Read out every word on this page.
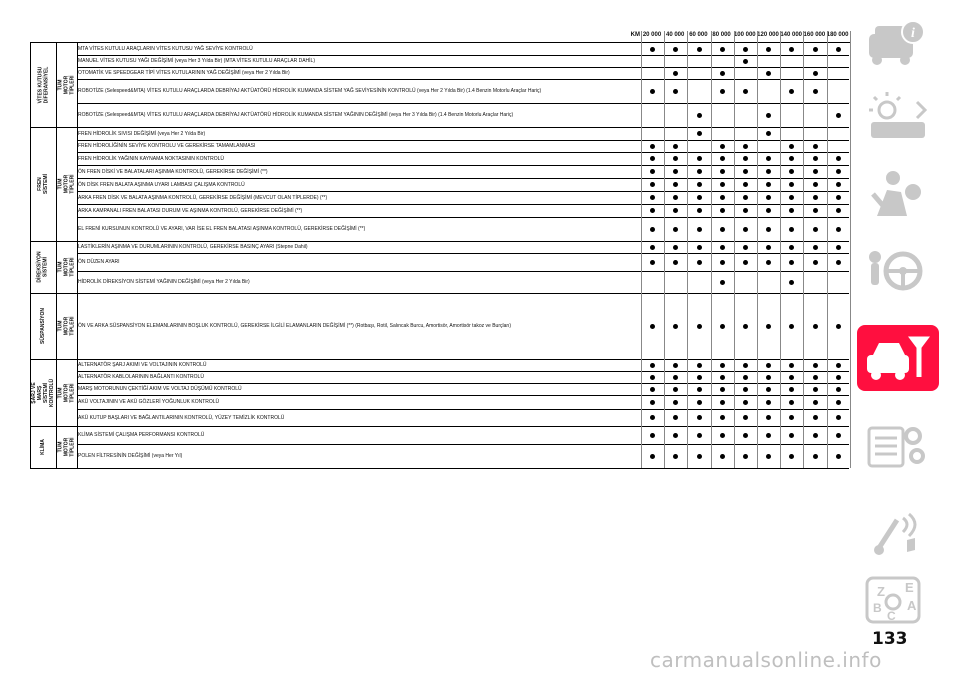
KM 20 000 40 000 60 000 80 000 100 000 120 000 140 000 160 000 180 000
VİTES KUTUSU DİFERANSİYEL TÜM MOTOR TİPLERİ
MTA VİTES KUTULU ARAÇLARIN VİTES KUTUSU YAĞ SEVİYE KONTROLÜ
MANUEL VİTES KUTUSU YAĞI DEĞİŞİMİ (veya Her 3 Yılda Bir) (MTA VİTES KUTULU ARAÇLAR DAHİL)
OTOMATİK VE SPEEDGEAR TİPİ VİTES KUTULARININ YAĞ DEĞİŞİMİ (veya Her 2 Yılda Bir)
ROBOTİZE (Selespeed&MTA) VİTES KUTULU ARAÇLARDA DEBRİYAJ AKTÜATÖRÜ HİDROLİK KUMANDA SİSTEM YAĞ SEVİYESİNİN KONTROLÜ (veya Her 2 Yılda Bir) (1.4 Benzin Motorlu Araçlar Hariç)
ROBOTİZE (Selespeed&MTA) VİTES KUTULU ARAÇLARDA DEBRİYAJ AKTÜATÖRÜ HİDROLİK KUMANDA SİSTEM YAĞININ DEĞİŞİMİ (veya Her 3 Yılda Bir) (1.4 Benzin Motorlu Araçlar Hariç)
FREN SİSTEMİ TÜM MOTOR TİPLERİ
FREN HİDROLİK SIVISI DEĞİŞİMİ (veya Her 2 Yılda Bir)
FREN HİDROLİĞİNİN SEVİYE KONTROLU VE GEREKİRSE TAMAMLANMASI
FREN HİDROLİK YAĞININ KAYNAMA NOKTASININ KONTROLÜ
ÖN FREN DİSKİ VE BALATALARI AŞINMA KONTROLÜ, GEREKİRSE DEĞİŞİMİ (**)
ÖN DİSK FREN BALATA AŞINMA UYARI LAMBASI ÇALIŞMA KONTROLÜ
ARKA FREN DİSK VE BALATA AŞINMA KONTROLÜ, GEREKİRSE DEĞİŞİMİ (MEVCUT OLAN TİPLERDE) (**)
ARKA KAMPANALI FREN BALATASI DURUM VE AŞINMA KONTROLÜ, GEREKİRSE DEĞİŞİMİ (**)
EL FRENİ KURSUNUN KONTROLÜ VE AYARI, VAR İSE EL FREN BALATASI AŞINMA KONTROLÜ, GEREKİRSE DEĞİŞİMİ (**)
DİREKSİYON SİSTEMİ TÜM MOTOR TİPLERİ
LASTİKLERİN AŞINMA VE DURUMLARININ KONTROLÜ, GEREKİRSE BASINÇ AYARI (Stepne Dahil)
ÖN DÜZEN AYARI
HİDROLİK DİREKSİYON SİSTEMİ YAĞININ DEĞİŞİMİ (veya Her 2 Yılda Bir)
SÜSPANSİYON TÜM MOTOR TİPLERİ ÖN VE ARKA SÜSPANSİYON ELEMANLARININ BOŞLUK KONTROLÜ, GEREKİRSE İLGİLİ ELAMANLARIN DEĞİŞİMİ (**) (Rotbaşı, Rotil, Salıncak Burcu, Amortisör, Amortisör takoz ve Burçları)
ŞARJ VE MARŞ SİSTEMİ KONTROLÜ TÜM MOTOR TİPLERİ
ALTERNATÖR ŞARJ AKIMI VE VOLTAJININ KONTROLÜ
ALTERNATÖR KABLOLARININ BAĞLANTI KONTROLÜ
MARŞ MOTORUNUN ÇEKTİĞİ AKIM VE VOLTAJ DÜŞÜMÜ KONTROLÜ
AKÜ VOLTAJININ VE AKÜ GÖZLERİ YOĞUNLUK KONTROLÜ
AKÜ KUTUP BAŞLARI VE BAĞLANTILARININ KONTROLÜ, YÜZEY TEMİZLİK KONTROLÜ
KLİMA TÜM MOTOR TİPLERİ
KLİMA SİSTEMİ ÇALIŞMA PERFORMANSI KONTROLÜ
POLEN FİLTRESİNİN DEĞİŞİMİ (veya Her Yıl)
i
Z E
A
B
C
133
carmanualsonline.info
